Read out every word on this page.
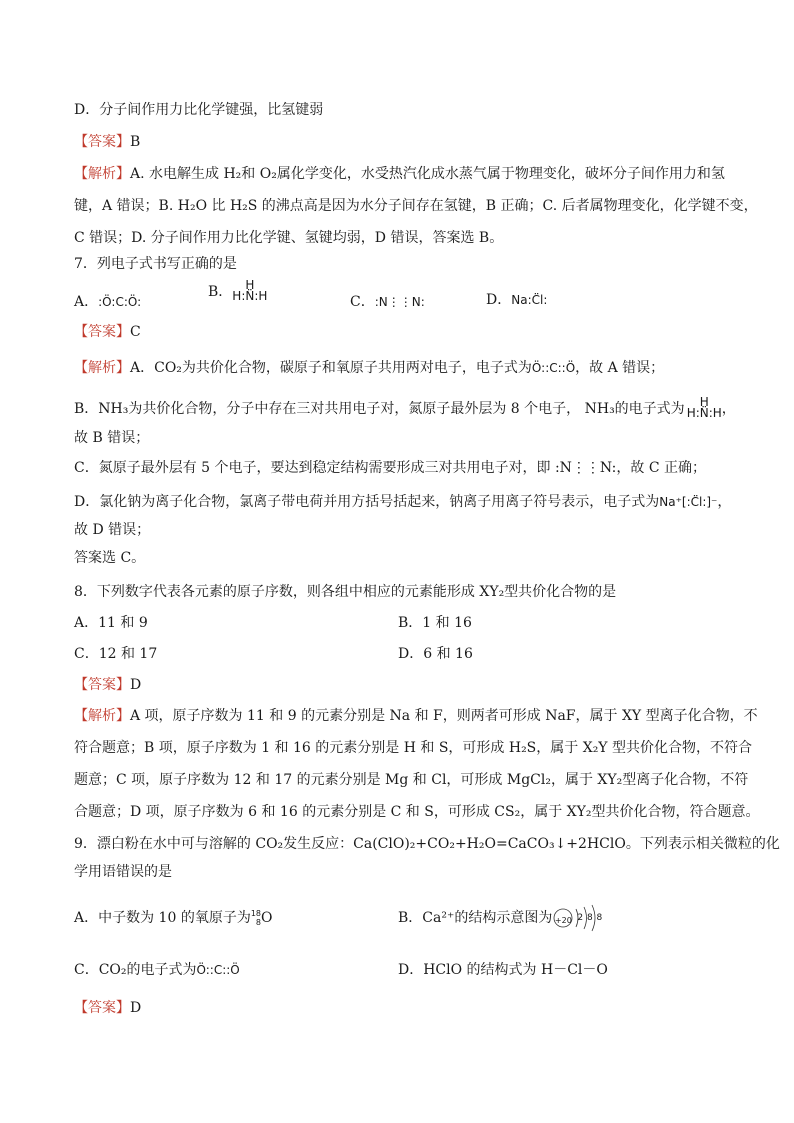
D．分子间作用力比化学键强，比氢键弱
【答案】B
【解析】A. 水电解生成 H₂和 O₂属化学变化，水受热汽化成水蒸气属于物理变化，破坏分子间作用力和氢
键，A 错误；B. H₂O 比 H₂S 的沸点高是因为水分子间存在氢键，B 正确；C. 后者属物理变化，化学键不变，
C 错误；D. 分子间作用力比化学键、氢键均弱，D 错误，答案选 B。
7．列电子式书写正确的是
A．:Ö:C:Ö:
B．	H
H:N̈:H	C．:N⋮⋮N:	D．Na:C̈l:
【答案】C
【解析】A．CO₂为共价化合物，碳原子和氧原子共用两对电子，电子式为Ö::C::Ö，故 A 错误；
B．NH₃为共价化合物，分子中存在三对共用电子对，氮原子最外层为 8 个电子， NH₃的电子式为	H
H:N̈:H ，
故 B 错误；
C．氮原子最外层有 5 个电子，要达到稳定结构需要形成三对共用电子对，即 :N⋮⋮N:，故 C 正确；
D．氯化钠为离子化合物，氯离子带电荷并用方括号括起来，钠离子用离子符号表示，电子式为Na⁺[:C̈l:]⁻，
故 D 错误；
答案选 C。
8．下列数字代表各元素的原子序数，则各组中相应的元素能形成 XY₂型共价化合物的是
A．11 和 9	B．1 和 16
C．12 和 17	D．6 和 16
【答案】D
【解析】A 项，原子序数为 11 和 9 的元素分别是 Na 和 F，则两者可形成 NaF，属于 XY 型离子化合物，不
符合题意；B 项，原子序数为 1 和 16 的元素分别是 H 和 S，可形成 H₂S，属于 X₂Y 型共价化合物，不符合
题意；C 项，原子序数为 12 和 17 的元素分别是 Mg 和 Cl，可形成 MgCl₂，属于 XY₂型离子化合物，不符
合题意；D 项，原子序数为 6 和 16 的元素分别是 C 和 S，可形成 CS₂，属于 XY₂型共价化合物，符合题意。
9．漂白粉在水中可与溶解的 CO₂发生反应：Ca(ClO)₂+CO₂+H₂O=CaCO₃↓+2HClO。下列表示相关微粒的化
学用语错误的是
A．中子数为 10 的氧原子为 18
8 O	B．Ca²⁺的结构示意图为 +20 2 8 8
C．CO₂的电子式为Ö::C::Ö	D．HClO 的结构式为 H－Cl－O
【答案】D
